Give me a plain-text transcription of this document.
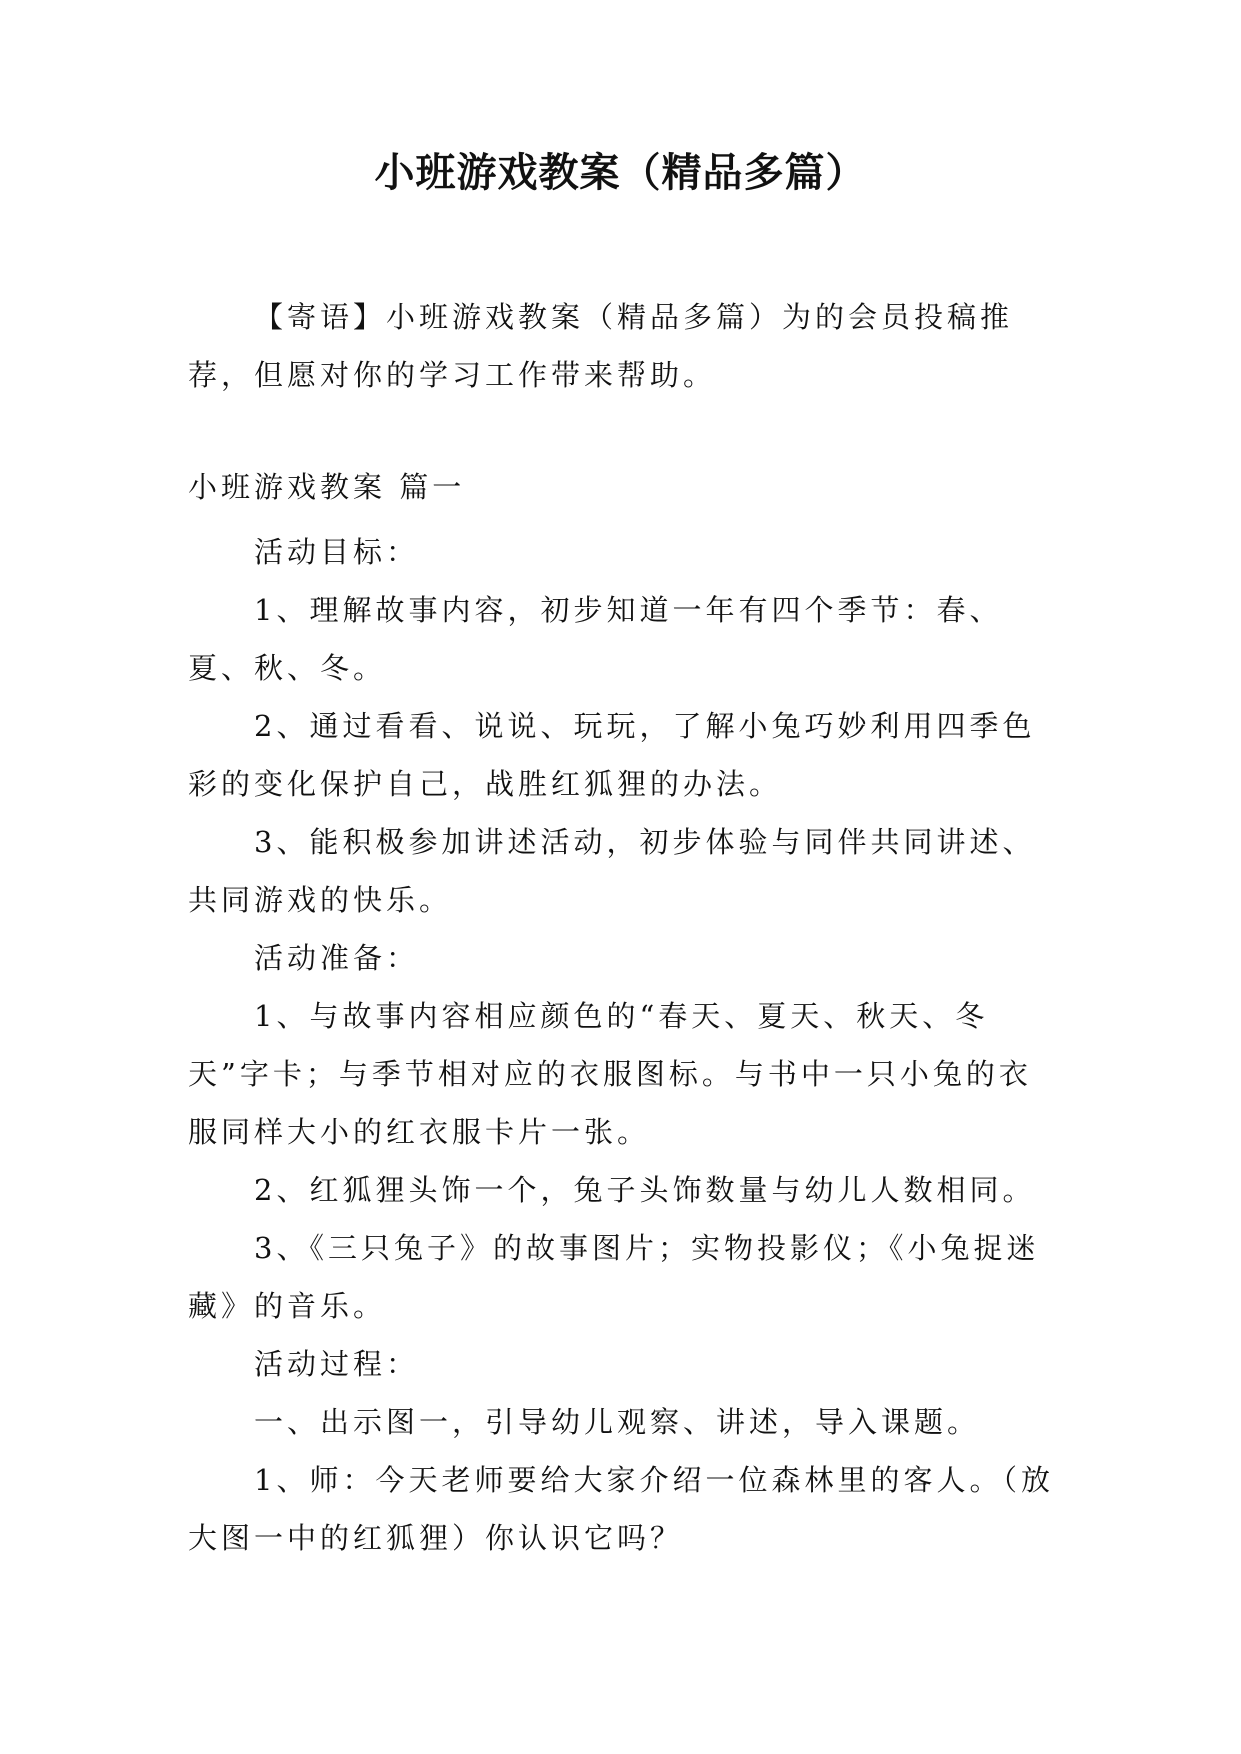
小班游戏教案（精品多篇）

【寄语】小班游戏教案（精品多篇）为的会员投稿推荐，但愿对你的学习工作带来帮助。

小班游戏教案 篇一

活动目标：

1、理解故事内容，初步知道一年有四个季节：春、夏、秋、冬。

2、通过看看、说说、玩玩，了解小兔巧妙利用四季色彩的变化保护自己，战胜红狐狸的办法。

3、能积极参加讲述活动，初步体验与同伴共同讲述、共同游戏的快乐。

活动准备：

1、与故事内容相应颜色的“春天、夏天、秋天、冬天”字卡；与季节相对应的衣服图标。与书中一只小兔的衣服同样大小的红衣服卡片一张。

2、红狐狸头饰一个，兔子头饰数量与幼儿人数相同。

3、《三只兔子》的故事图片；实物投影仪；《小兔捉迷藏》的音乐。

活动过程：

一、出示图一，引导幼儿观察、讲述，导入课题。

1、师：今天老师要给大家介绍一位森林里的客人。（放大图一中的红狐狸）你认识它吗？
